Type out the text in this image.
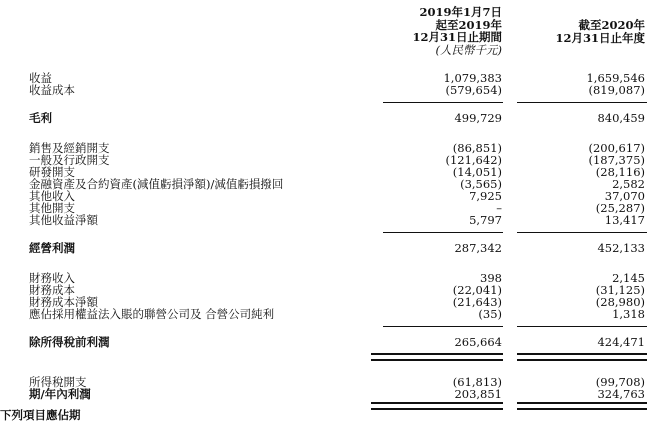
2019年1月7日
起至2019年
12月31日止期間
(人民幣千元)
截至2020年
12月31日止年度
收益	1,079,383	1,659,546
收益成本	(579,654)	(819,087)
毛利	499,729	840,459
銷售及經銷開支	(86,851)	(200,617)
一般及行政開支	(121,642)	(187,375)
研發開支	(14,051)	(28,116)
金融資產及合約資產(減值虧損淨額)/減值虧損撥回	(3,565)	2,582
其他收入	7,925	37,070
其他開支	–	(25,287)
其他收益淨額	5,797	13,417
經營利潤	287,342	452,133
財務收入	398	2,145
財務成本	(22,041)	(31,125)
財務成本淨額	(21,643)	(28,980)
應佔採用權益法入賬的聯營公司及 合營公司純利	(35)	1,318
除所得稅前利潤	265,664	424,471
所得稅開支	(61,813)	(99,708)
期/年內利潤	203,851	324,763
下列項目應佔期
